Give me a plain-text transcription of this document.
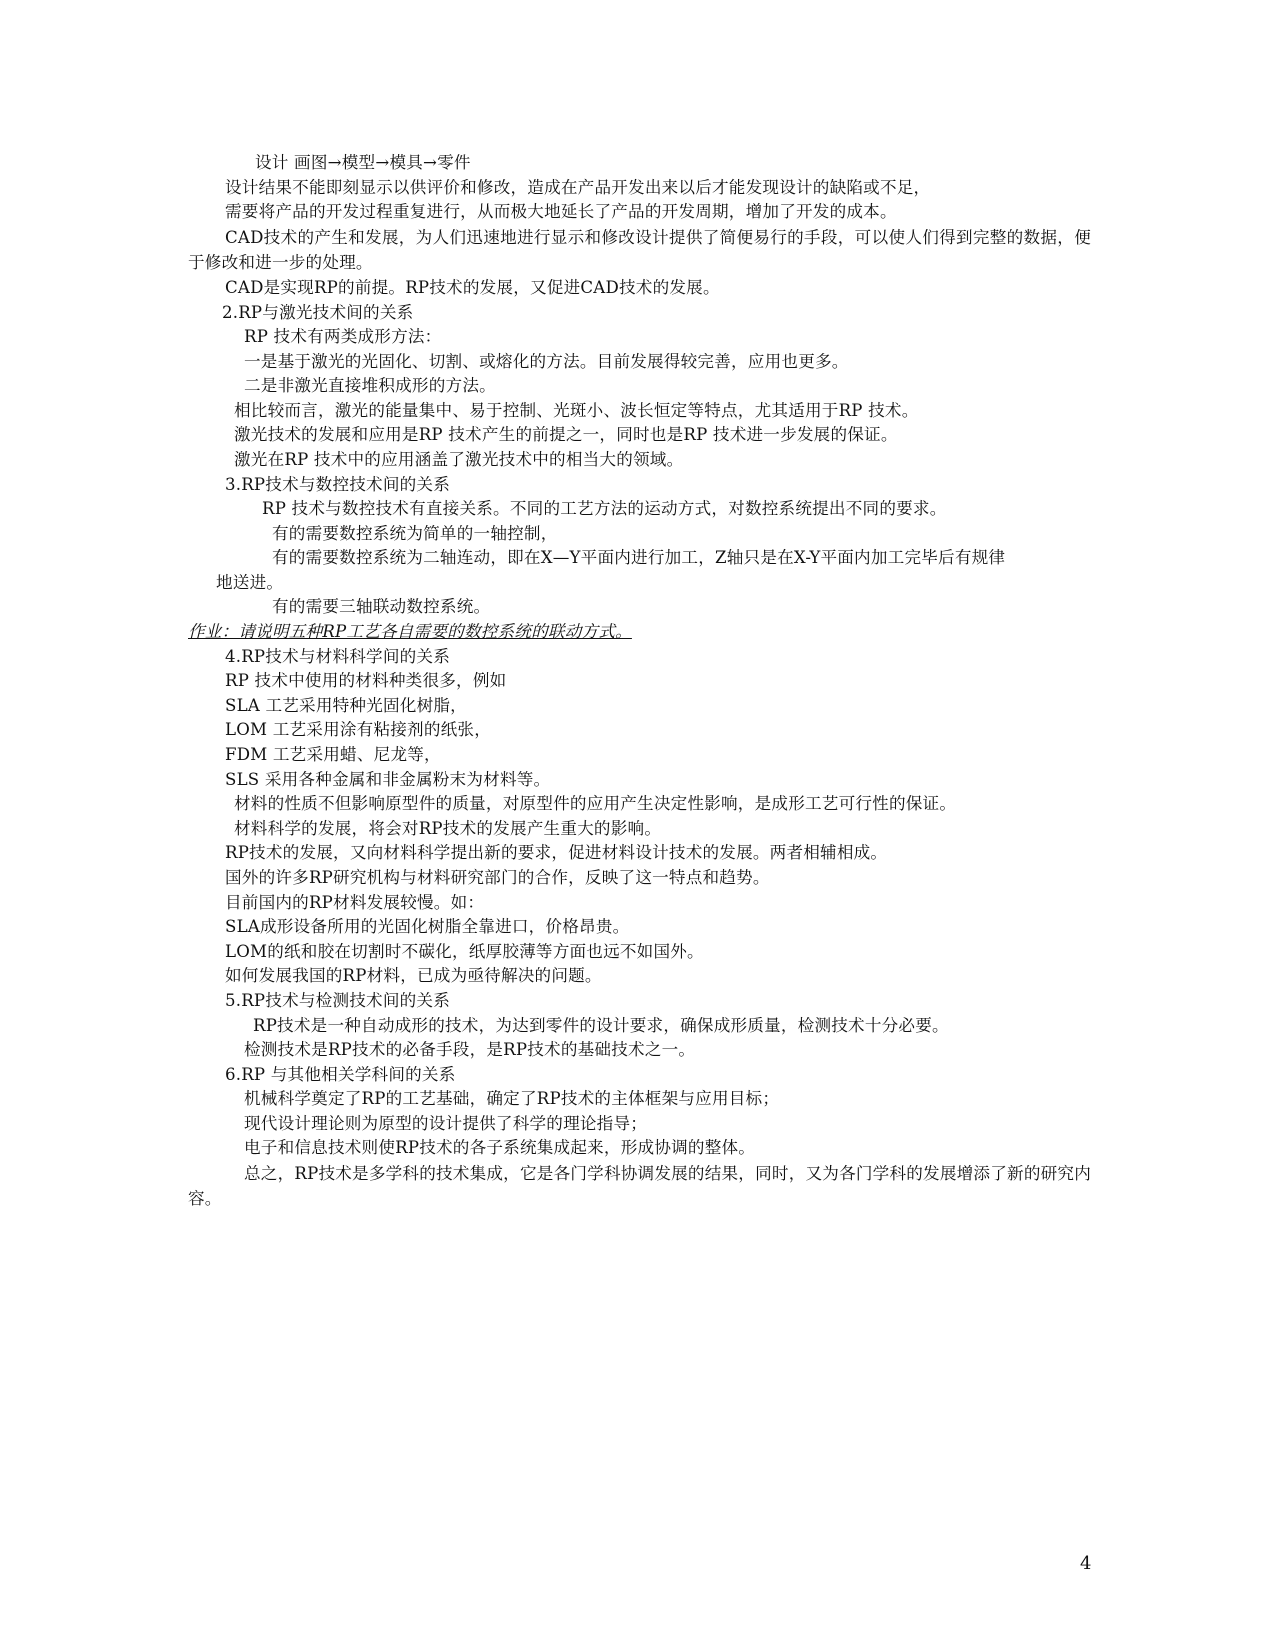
设计 画图→模型→模具→零件

设计结果不能即刻显示以供评价和修改，造成在产品开发出来以后才能发现设计的缺陷或不足，

需要将产品的开发过程重复进行，从而极大地延长了产品的开发周期，增加了开发的成本。

CAD技术的产生和发展，为人们迅速地进行显示和修改设计提供了简便易行的手段，可以使人们得到完整的数据，便于修改和进一步的处理。

CAD是实现RP的前提。RP技术的发展，又促进CAD技术的发展。

2.RP与激光技术间的关系

RP 技术有两类成形方法：

一是基于激光的光固化、切割、或熔化的方法。目前发展得较完善，应用也更多。

二是非激光直接堆积成形的方法。

相比较而言，激光的能量集中、易于控制、光斑小、波长恒定等特点，尤其适用于RP 技术。

激光技术的发展和应用是RP 技术产生的前提之一，同时也是RP 技术进一步发展的保证。

激光在RP 技术中的应用涵盖了激光技术中的相当大的领域。

3.RP技术与数控技术间的关系

RP 技术与数控技术有直接关系。不同的工艺方法的运动方式，对数控系统提出不同的要求。

有的需要数控系统为简单的一轴控制，

有的需要数控系统为二轴连动，即在X—Y平面内进行加工，Z轴只是在X-Y平面内加工完毕后有规律

地送进。

有的需要三轴联动数控系统。

作业：请说明五种RP工艺各自需要的数控系统的联动方式。

4.RP技术与材料科学间的关系

RP 技术中使用的材料种类很多，例如

SLA 工艺采用特种光固化树脂，

LOM 工艺采用涂有粘接剂的纸张，

FDM 工艺采用蜡、尼龙等，

SLS 采用各种金属和非金属粉末为材料等。

材料的性质不但影响原型件的质量，对原型件的应用产生决定性影响，是成形工艺可行性的保证。

材料科学的发展，将会对RP技术的发展产生重大的影响。

RP技术的发展，又向材料科学提出新的要求，促进材料设计技术的发展。两者相辅相成。

国外的许多RP研究机构与材料研究部门的合作，反映了这一特点和趋势。

目前国内的RP材料发展较慢。如：

SLA成形设备所用的光固化树脂全靠进口，价格昂贵。

LOM的纸和胶在切割时不碳化，纸厚胶薄等方面也远不如国外。

如何发展我国的RP材料，已成为亟待解决的问题。

5.RP技术与检测技术间的关系

RP技术是一种自动成形的技术，为达到零件的设计要求，确保成形质量，检测技术十分必要。

检测技术是RP技术的必备手段，是RP技术的基础技术之一。

6.RP 与其他相关学科间的关系

机械科学奠定了RP的工艺基础，确定了RP技术的主体框架与应用目标；

现代设计理论则为原型的设计提供了科学的理论指导；

电子和信息技术则使RP技术的各子系统集成起来，形成协调的整体。

总之，RP技术是多学科的技术集成，它是各门学科协调发展的结果，同时，又为各门学科的发展增添了新的研究内容。

4
